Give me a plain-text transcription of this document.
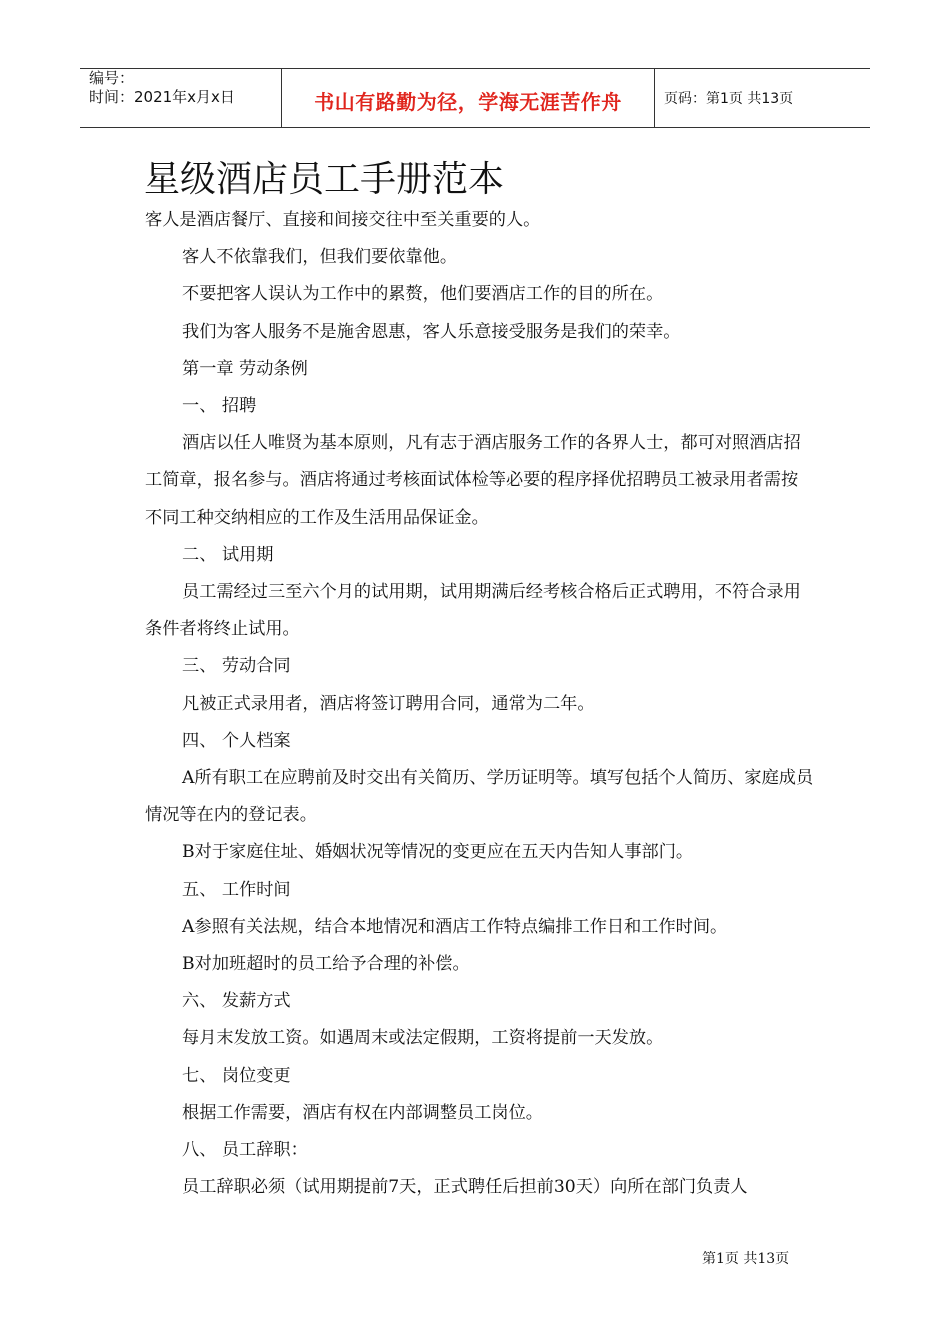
编号：
时间：2021年x月x日	书山有路勤为径，学海无涯苦作舟	页码：第1页 共13页
星级酒店员工手册范本

客人是酒店餐厅、直接和间接交往中至关重要的人。

客人不依靠我们，但我们要依靠他。

不要把客人误认为工作中的累赘，他们要酒店工作的目的所在。

我们为客人服务不是施舍恩惠，客人乐意接受服务是我们的荣幸。

第一章 劳动条例

一、 招聘

酒店以任人唯贤为基本原则，凡有志于酒店服务工作的各界人士，都可对照酒店招工简章，报名参与。酒店将通过考核面试体检等必要的程序择优招聘员工被录用者需按不同工种交纳相应的工作及生活用品保证金。

二、 试用期

员工需经过三至六个月的试用期，试用期满后经考核合格后正式聘用，不符合录用条件者将终止试用。

三、 劳动合同

凡被正式录用者，酒店将签订聘用合同，通常为二年。

四、 个人档案

A所有职工在应聘前及时交出有关简历、学历证明等。填写包括个人简历、家庭成员情况等在内的登记表。

B对于家庭住址、婚姻状况等情况的变更应在五天内告知人事部门。

五、 工作时间

A参照有关法规，结合本地情况和酒店工作特点编排工作日和工作时间。

B对加班超时的员工给予合理的补偿。

六、 发薪方式

每月末发放工资。如遇周末或法定假期，工资将提前一天发放。

七、 岗位变更

根据工作需要，酒店有权在内部调整员工岗位。

八、 员工辞职：

员工辞职必须（试用期提前7天，正式聘任后担前30天）向所在部门负责人

第1页 共13页
